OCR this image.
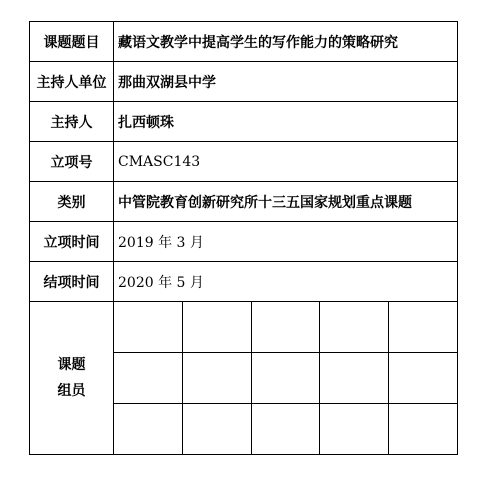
课题题目	藏语文教学中提高学生的写作能力的策略研究
主持人单位	那曲双湖县中学
主持人	扎西顿珠
立项号	CMASC143
类别	中管院教育创新研究所十三五国家规划重点课题
立项时间	2019 年 3 月
结项时间	2020 年 5 月

课题
组员
